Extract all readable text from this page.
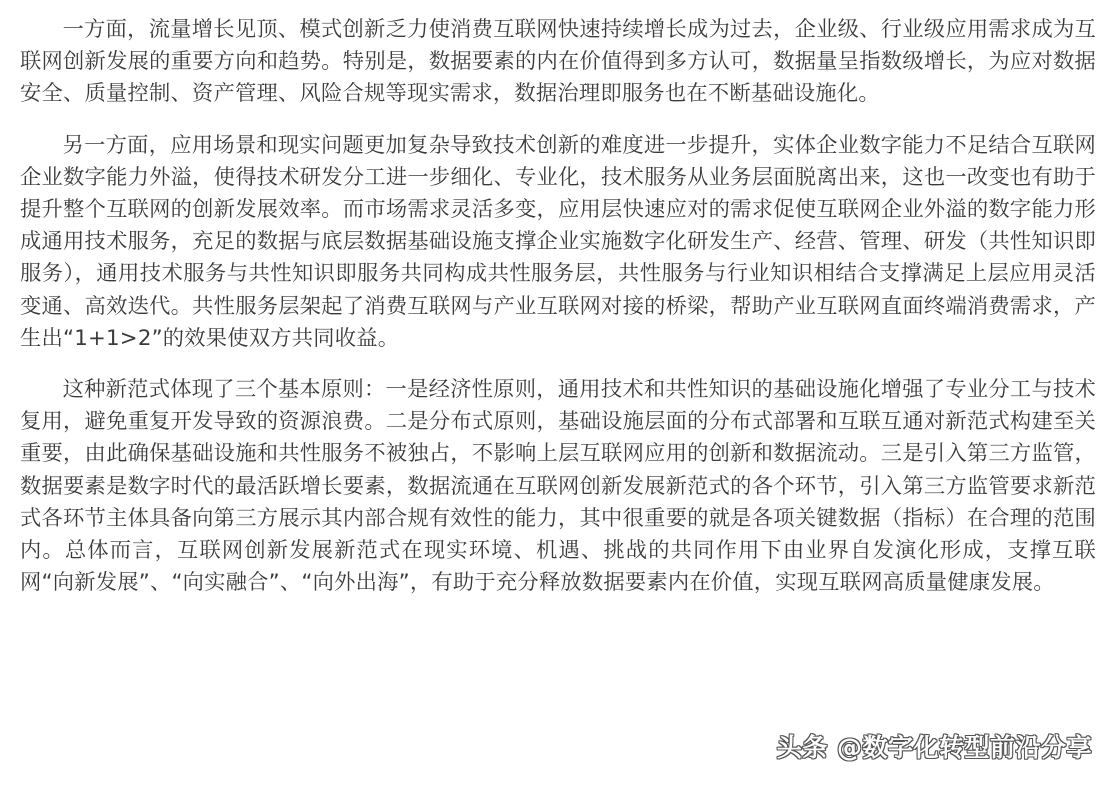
一方面，流量增长见顶、模式创新乏力使消费互联网快速持续增长成为过去，企业级、行业级应用需求成为互联网创新发展的重要方向和趋势。特别是，数据要素的内在价值得到多方认可，数据量呈指数级增长，为应对数据安全、质量控制、资产管理、风险合规等现实需求，数据治理即服务也在不断基础设施化。

另一方面，应用场景和现实问题更加复杂导致技术创新的难度进一步提升，实体企业数字能力不足结合互联网企业数字能力外溢，使得技术研发分工进一步细化、专业化，技术服务从业务层面脱离出来，这也一改变也有助于提升整个互联网的创新发展效率。而市场需求灵活多变，应用层快速应对的需求促使互联网企业外溢的数字能力形成通用技术服务，充足的数据与底层数据基础设施支撑企业实施数字化研发生产、经营、管理、研发（共性知识即服务），通用技术服务与共性知识即服务共同构成共性服务层，共性服务与行业知识相结合支撑满足上层应用灵活变通、高效迭代。共性服务层架起了消费互联网与产业互联网对接的桥梁，帮助产业互联网直面终端消费需求，产生出“1+1>2”的效果使双方共同收益。

这种新范式体现了三个基本原则：一是经济性原则，通用技术和共性知识的基础设施化增强了专业分工与技术复用，避免重复开发导致的资源浪费。二是分布式原则，基础设施层面的分布式部署和互联互通对新范式构建至关重要，由此确保基础设施和共性服务不被独占，不影响上层互联网应用的创新和数据流动。三是引入第三方监管，数据要素是数字时代的最活跃增长要素，数据流通在互联网创新发展新范式的各个环节，引入第三方监管要求新范式各环节主体具备向第三方展示其内部合规有效性的能力，其中很重要的就是各项关键数据（指标）在合理的范围内。总体而言，互联网创新发展新范式在现实环境、机遇、挑战的共同作用下由业界自发演化形成，支撑互联网“向新发展”、“向实融合”、“向外出海”，有助于充分释放数据要素内在价值，实现互联网高质量健康发展。

头条 @数字化转型前沿分享
